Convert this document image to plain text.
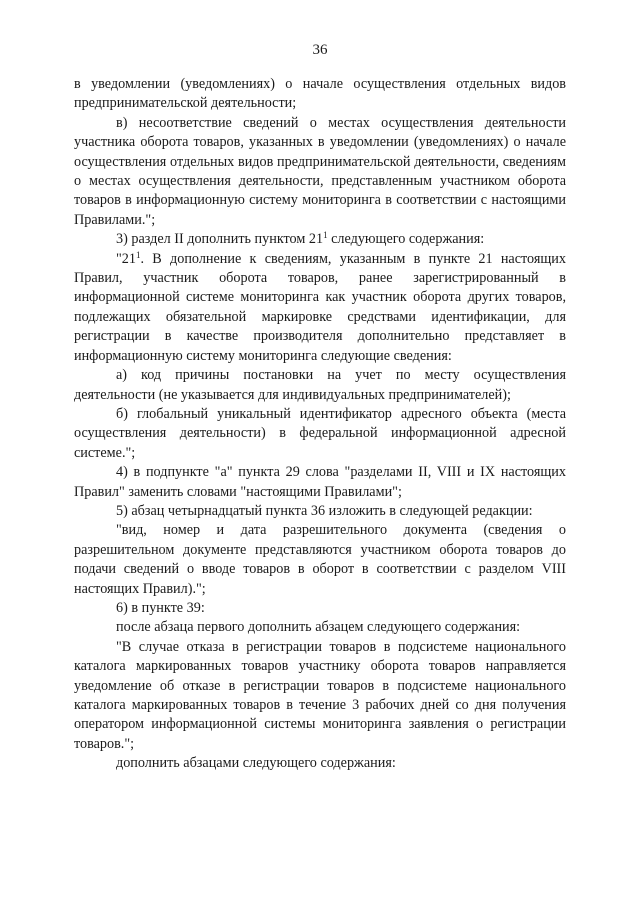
36

в уведомлении (уведомлениях) о начале осуществления отдельных видов предпринимательской деятельности;

в) несоответствие сведений о местах осуществления деятельности участника оборота товаров, указанных в уведомлении (уведомлениях) о начале осуществления отдельных видов предпринимательской деятельности, сведениям о местах осуществления деятельности, представленным участником оборота товаров в информационную систему мониторинга в соответствии с настоящими Правилами.";

3) раздел II дополнить пунктом $21^1$ следующего содержания:

"$21^1$. В дополнение к сведениям, указанным в пункте 21 настоящих Правил, участник оборота товаров, ранее зарегистрированный в информационной системе мониторинга как участник оборота других товаров, подлежащих обязательной маркировке средствами идентификации, для регистрации в качестве производителя дополнительно представляет в информационную систему мониторинга следующие сведения:

а) код причины постановки на учет по месту осуществления деятельности (не указывается для индивидуальных предпринимателей);

б) глобальный уникальный идентификатор адресного объекта (места осуществления деятельности) в федеральной информационной адресной системе.";

4) в подпункте "а" пункта 29 слова "разделами II, VIII и IX настоящих Правил" заменить словами "настоящими Правилами";

5) абзац четырнадцатый пункта 36 изложить в следующей редакции:

"вид, номер и дата разрешительного документа (сведения о разрешительном документе представляются участником оборота товаров до подачи сведений о вводе товаров в оборот в соответствии с разделом VIII настоящих Правил).";

6) в пункте 39:

после абзаца первого дополнить абзацем следующего содержания:

"В случае отказа в регистрации товаров в подсистеме национального каталога маркированных товаров участнику оборота товаров направляется уведомление об отказе в регистрации товаров в подсистеме национального каталога маркированных товаров в течение 3 рабочих дней со дня получения оператором информационной системы мониторинга заявления о регистрации товаров.";

дополнить абзацами следующего содержания:
